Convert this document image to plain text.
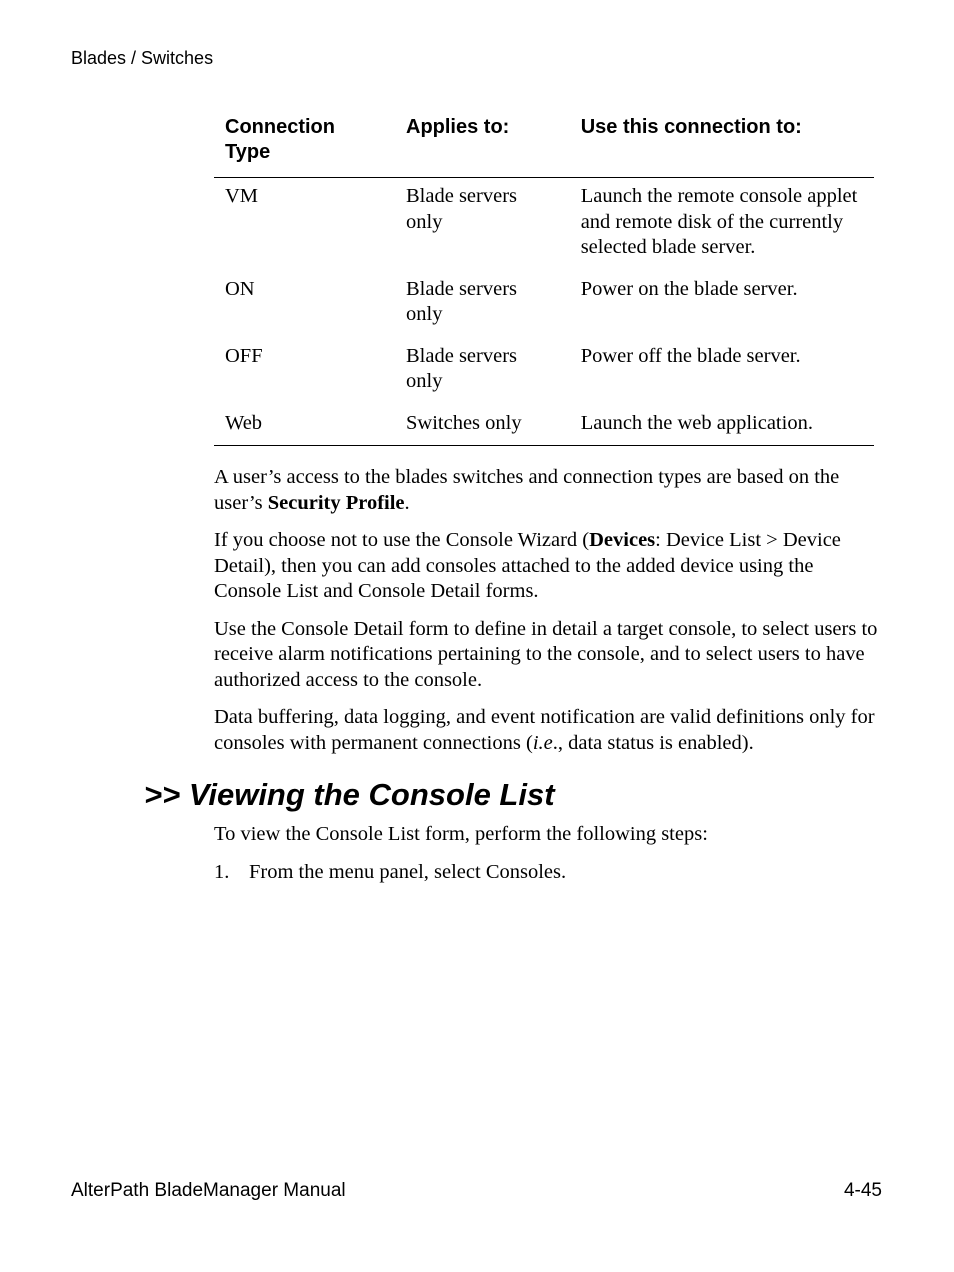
Blades / Switches
Connection Type	Applies to:	Use this connection to:
VM	Blade servers only	Launch the remote console applet and remote disk of the currently selected blade server.
ON	Blade servers only	Power on the blade server.
OFF	Blade servers only	Power off the blade server.
Web	Switches only	Launch the web application.

A user’s access to the blades switches and connection types are based on the user’s Security Profile.

If you choose not to use the Console Wizard (Devices: Device List > Device Detail), then you can add consoles attached to the added device using the Console List and Console Detail forms.

Use the Console Detail form to define in detail a target console, to select users to receive alarm notifications pertaining to the console, and to select users to have authorized access to the console.

Data buffering, data logging, and event notification are valid definitions only for consoles with permanent connections (i.e., data status is enabled).

>> Viewing the Console List
To view the Console List form, perform the following steps:
1. From the menu panel, select Consoles.
AlterPath BladeManager Manual	4-45
